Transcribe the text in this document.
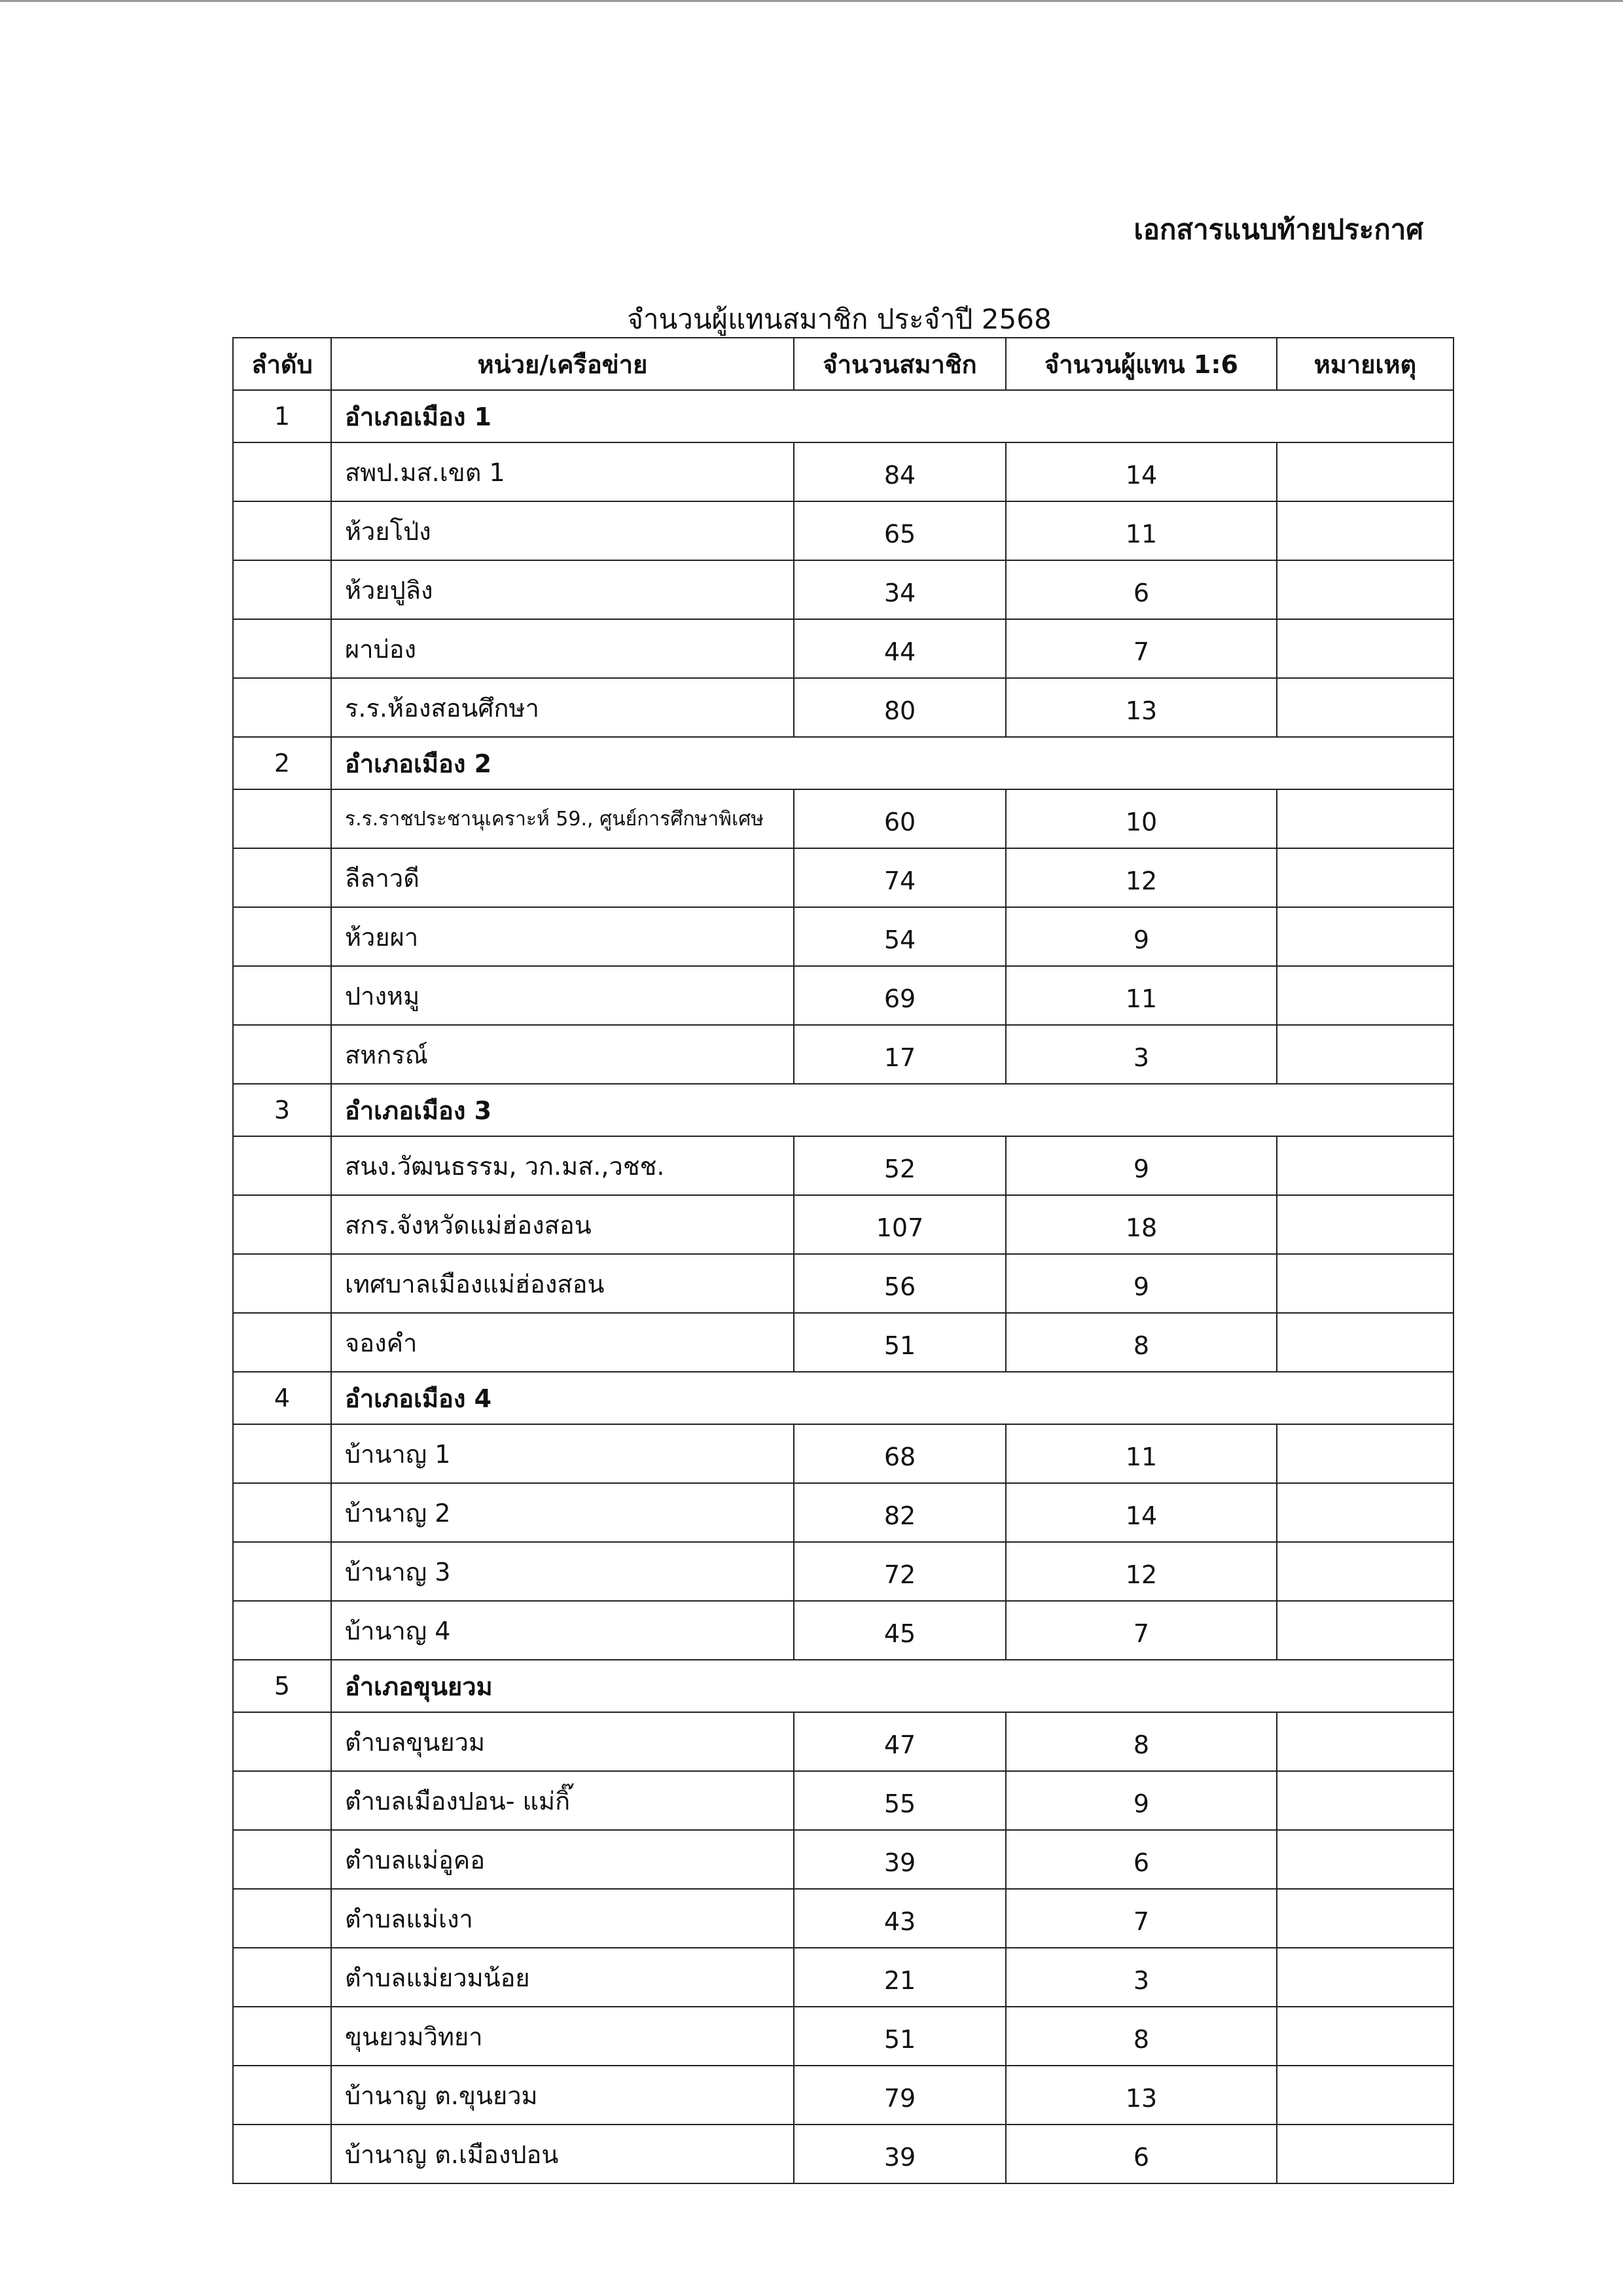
เอกสารแนบท้ายประกาศ
จำนวนผู้แทนสมาชิก ประจำปี 2568
ลำดับ	หน่วย/เครือข่าย	จำนวนสมาชิก	จำนวนผู้แทน 1:6	หมายเหตุ
1	อำเภอเมือง 1			
	สพป.มส.เขต 1	84	14	
	ห้วยโป่ง	65	11	
	ห้วยปูลิง	34	6	
	ผาบ่อง	44	7	
	ร.ร.ห้องสอนศึกษา	80	13	
2	อำเภอเมือง 2			
	ร.ร.ราชประชานุเคราะห์ 59., ศูนย์การศึกษาพิเศษ	60	10	
	ลีลาวดี	74	12	
	ห้วยผา	54	9	
	ปางหมู	69	11	
	สหกรณ์	17	3	
3	อำเภอเมือง 3			
	สนง.วัฒนธรรม, วก.มส.,วชช.	52	9	
	สกร.จังหวัดแม่ฮ่องสอน	107	18	
	เทศบาลเมืองแม่ฮ่องสอน	56	9	
	จองคำ	51	8	
4	อำเภอเมือง 4			
	บ้านาญ 1	68	11	
	บ้านาญ 2	82	14	
	บ้านาญ 3	72	12	
	บ้านาญ 4	45	7	
5	อำเภอขุนยวม			
	ตำบลขุนยวม	47	8	
	ตำบลเมืองปอน- แม่กิ๊	55	9	
	ตำบลแม่อูคอ	39	6	
	ตำบลแม่เงา	43	7	
	ตำบลแม่ยวมน้อย	21	3	
	ขุนยวมวิทยา	51	8	
	บ้านาญ ต.ขุนยวม	79	13	
	บ้านาญ ต.เมืองปอน	39	6	
